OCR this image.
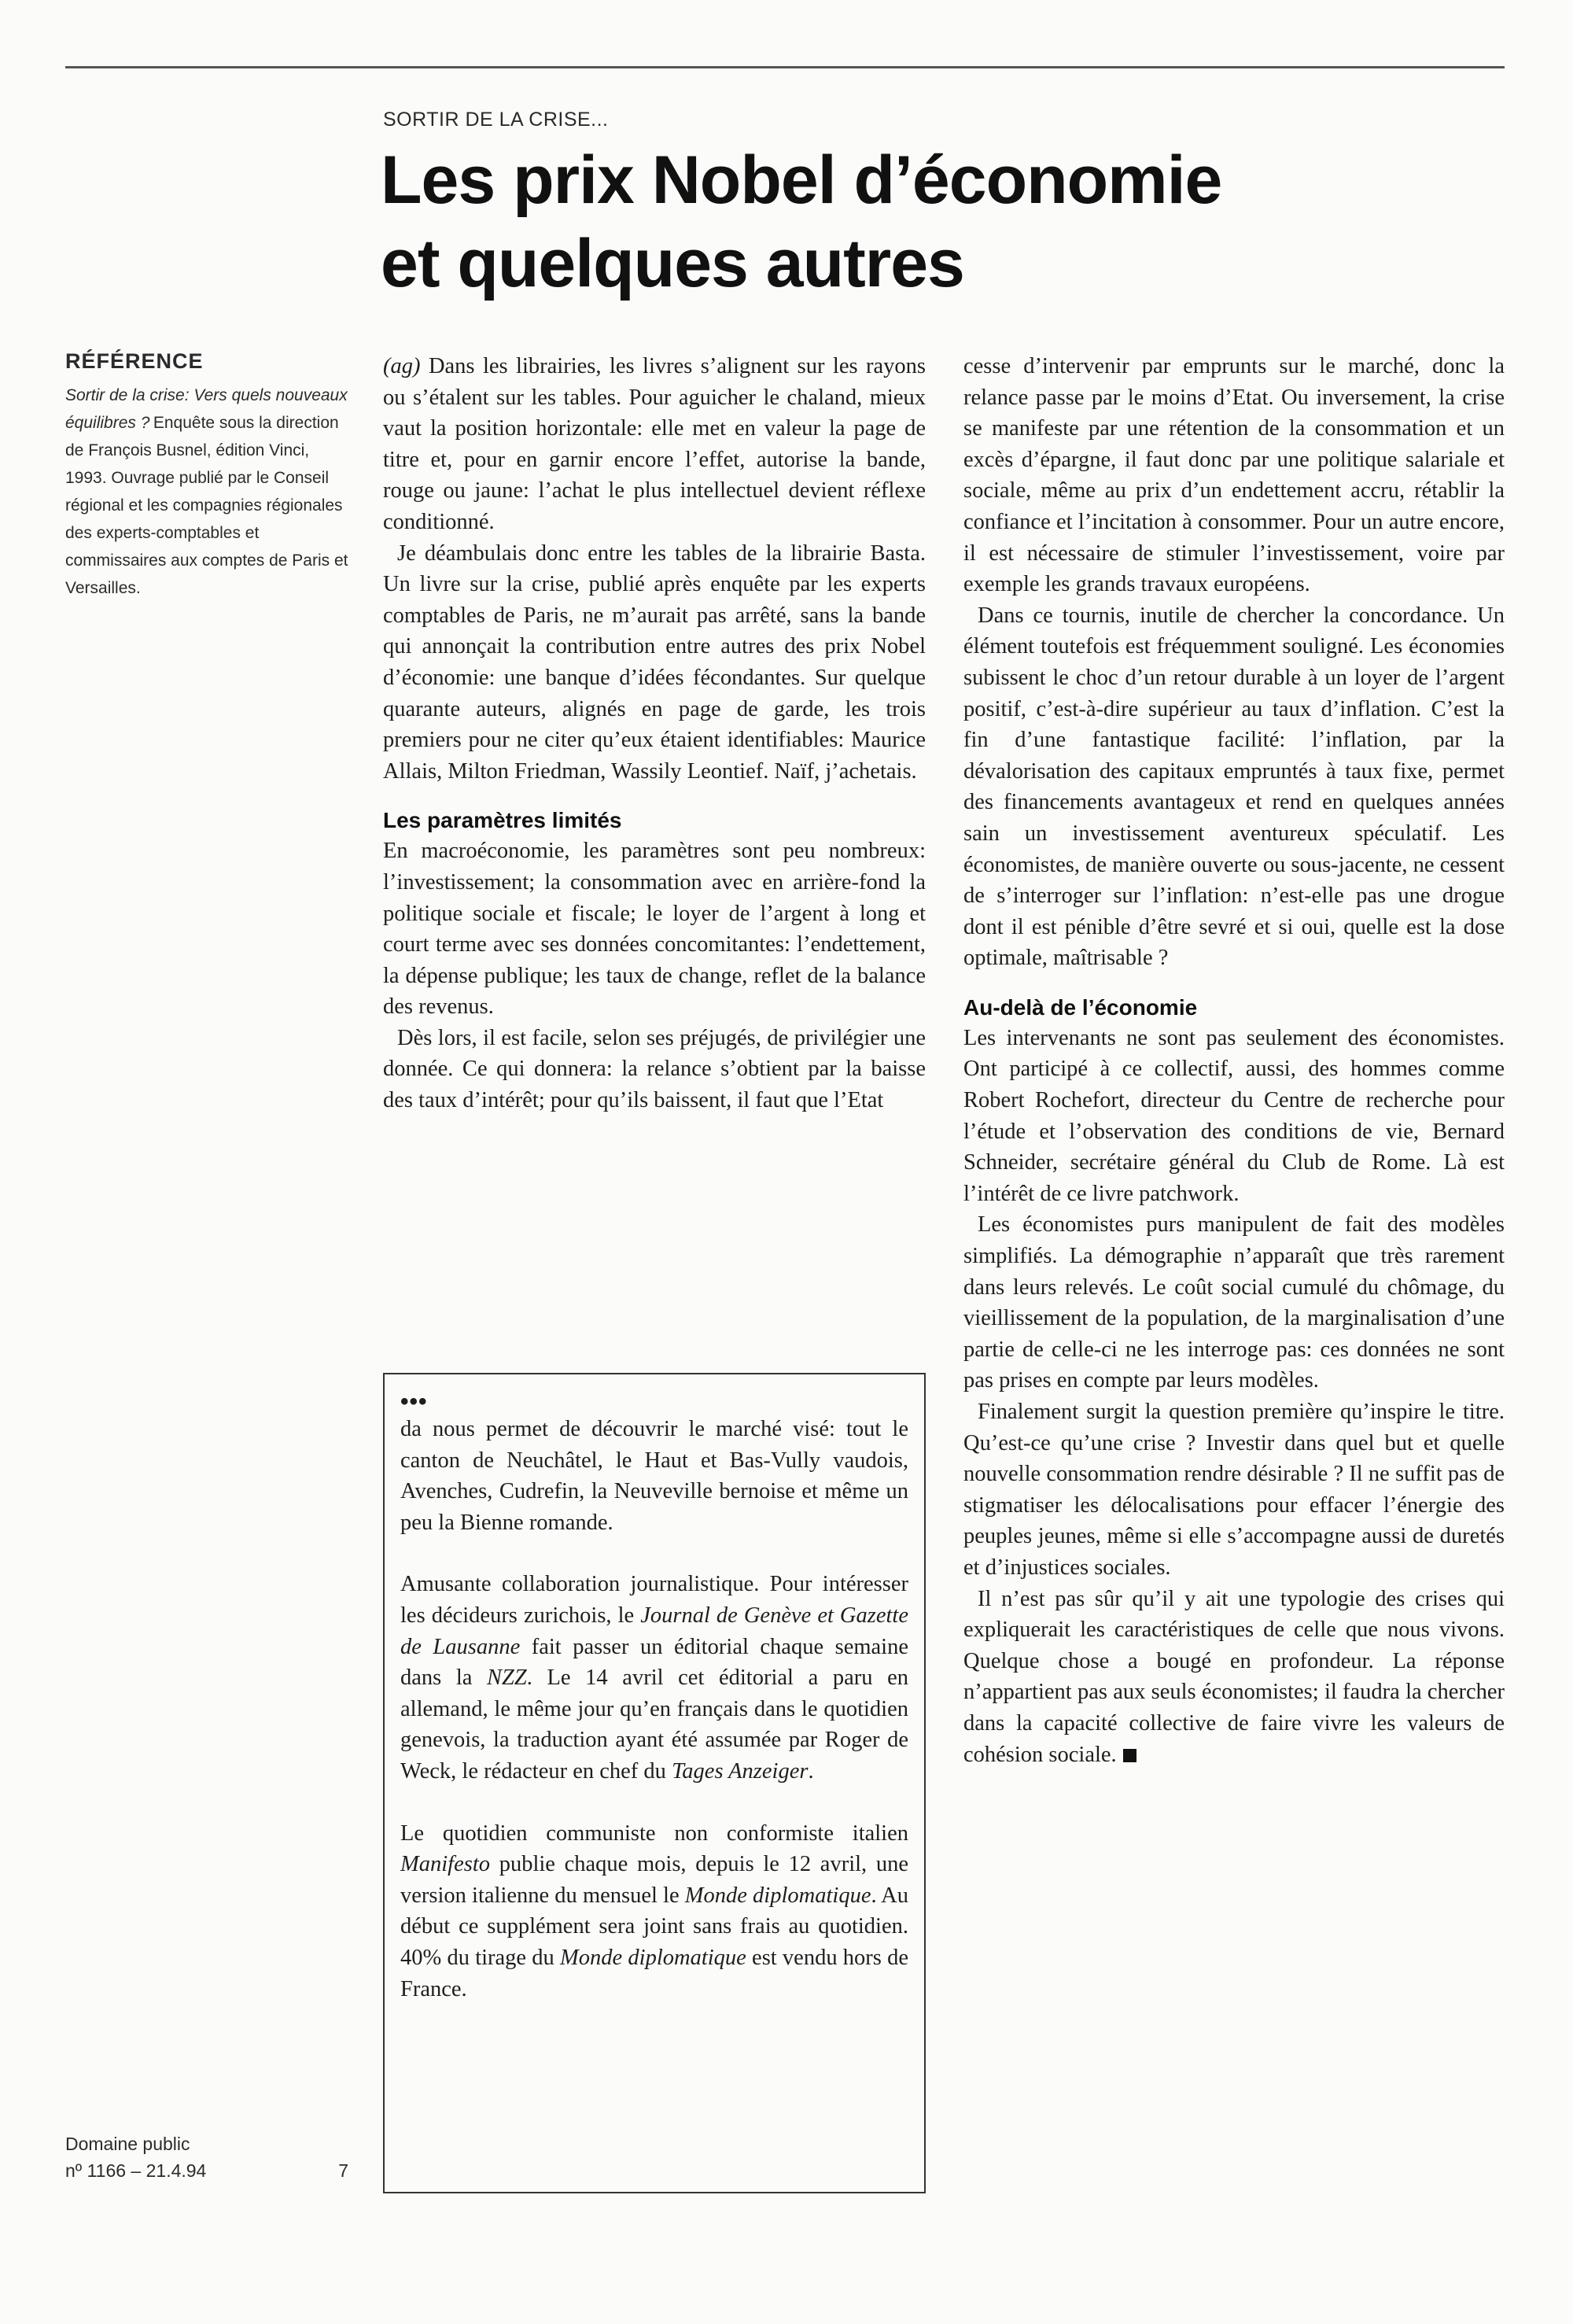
SORTIR DE LA CRISE...
Les prix Nobel d’économie
et quelques autres
RÉFÉRENCE
Sortir de la crise: Vers quels nouveaux équilibres ? Enquête sous la direction de François Busnel, édition Vinci, 1993. Ouvrage publié par le Conseil régional et les compagnies régionales des experts-comptables et commissaires aux comptes de Paris et Versailles.
Domaine public
nº 1166 – 21.4.94	7

(ag) Dans les librairies, les livres s’alignent sur les rayons ou s’étalent sur les tables. Pour aguicher le chaland, mieux vaut la position horizontale: elle met en valeur la page de titre et, pour en garnir encore l’effet, autorise la bande, rouge ou jaune: l’achat le plus intellectuel devient réflexe conditionné.

Je déambulais donc entre les tables de la librairie Basta. Un livre sur la crise, publié après enquête par les experts comptables de Paris, ne m’aurait pas arrêté, sans la bande qui annonçait la contribution entre autres des prix Nobel d’économie: une banque d’idées fécondantes. Sur quelque quarante auteurs, alignés en page de garde, les trois premiers pour ne citer qu’eux étaient identifiables: Maurice Allais, Milton Friedman, Wassily Leontief. Naïf, j’achetais.

Les paramètres limités

En macroéconomie, les paramètres sont peu nombreux: l’investissement; la consommation avec en arrière-fond la politique sociale et fiscale; le loyer de l’argent à long et court terme avec ses données concomitantes: l’endettement, la dépense publique; les taux de change, reflet de la balance des revenus.

Dès lors, il est facile, selon ses préjugés, de privilégier une donnée. Ce qui donnera: la relance s’obtient par la baisse des taux d’intérêt; pour qu’ils baissent, il faut que l’Etat

•••

da nous permet de découvrir le marché visé: tout le canton de Neuchâtel, le Haut et Bas-Vully vaudois, Avenches, Cudrefin, la Neuveville bernoise et même un peu la Bienne romande.

Amusante collaboration journalistique. Pour intéresser les décideurs zurichois, le Journal de Genève et Gazette de Lausanne fait passer un éditorial chaque semaine dans la NZZ. Le 14 avril cet éditorial a paru en allemand, le même jour qu’en français dans le quotidien genevois, la traduction ayant été assumée par Roger de Weck, le rédacteur en chef du Tages Anzeiger.

Le quotidien communiste non conformiste italien Manifesto publie chaque mois, depuis le 12 avril, une version italienne du mensuel le Monde diplomatique. Au début ce supplément sera joint sans frais au quotidien. 40% du tirage du Monde diplomatique est vendu hors de France.

cesse d’intervenir par emprunts sur le marché, donc la relance passe par le moins d’Etat. Ou inversement, la crise se manifeste par une rétention de la consommation et un excès d’épargne, il faut donc par une politique salariale et sociale, même au prix d’un endettement accru, rétablir la confiance et l’incitation à consommer. Pour un autre encore, il est nécessaire de stimuler l’investissement, voire par exemple les grands travaux européens.

Dans ce tournis, inutile de chercher la concordance. Un élément toutefois est fréquemment souligné. Les économies subissent le choc d’un retour durable à un loyer de l’argent positif, c’est-à-dire supérieur au taux d’inflation. C’est la fin d’une fantastique facilité: l’inflation, par la dévalorisation des capitaux empruntés à taux fixe, permet des financements avantageux et rend en quelques années sain un investissement aventureux spéculatif. Les économistes, de manière ouverte ou sous-jacente, ne cessent de s’interroger sur l’inflation: n’est-elle pas une drogue dont il est pénible d’être sevré et si oui, quelle est la dose optimale, maîtrisable ?

Au-delà de l’économie

Les intervenants ne sont pas seulement des économistes. Ont participé à ce collectif, aussi, des hommes comme Robert Rochefort, directeur du Centre de recherche pour l’étude et l’observation des conditions de vie, Bernard Schneider, secrétaire général du Club de Rome. Là est l’intérêt de ce livre patchwork.

Les économistes purs manipulent de fait des modèles simplifiés. La démographie n’apparaît que très rarement dans leurs relevés. Le coût social cumulé du chômage, du vieillissement de la population, de la marginalisation d’une partie de celle-ci ne les interroge pas: ces données ne sont pas prises en compte par leurs modèles.

Finalement surgit la question première qu’inspire le titre. Qu’est-ce qu’une crise ? Investir dans quel but et quelle nouvelle consommation rendre désirable ? Il ne suffit pas de stigmatiser les délocalisations pour effacer l’énergie des peuples jeunes, même si elle s’accompagne aussi de duretés et d’injustices sociales.

Il n’est pas sûr qu’il y ait une typologie des crises qui expliquerait les caractéristiques de celle que nous vivons. Quelque chose a bougé en profondeur. La réponse n’appartient pas aux seuls économistes; il faudra la chercher dans la capacité collective de faire vivre les valeurs de cohésion sociale.
